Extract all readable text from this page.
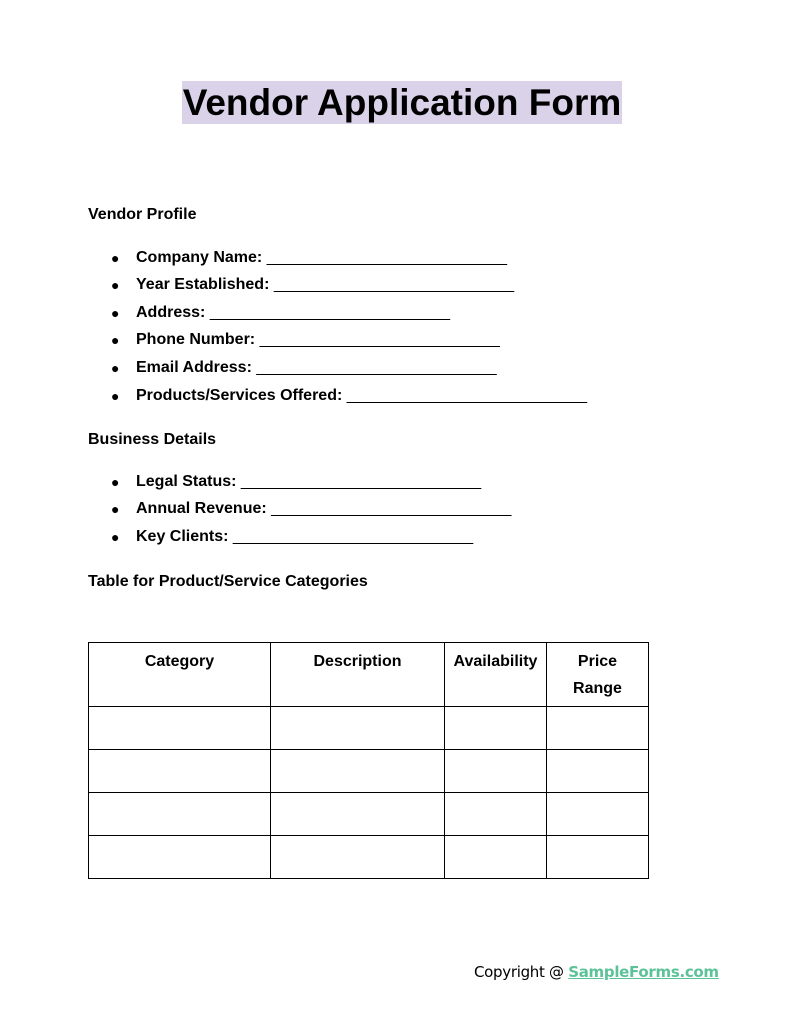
Vendor Application Form
Vendor Profile
● Company Name: ___________________________
● Year Established: ___________________________
● Address: ___________________________
● Phone Number: ___________________________
● Email Address: ___________________________
● Products/Services Offered: ___________________________
Business Details
● Legal Status: ___________________________
● Annual Revenue: ___________________________
● Key Clients: ___________________________
Table for Product/Service Categories
Category	Description	Availability	Price Range

Copyright @ SampleForms.com
